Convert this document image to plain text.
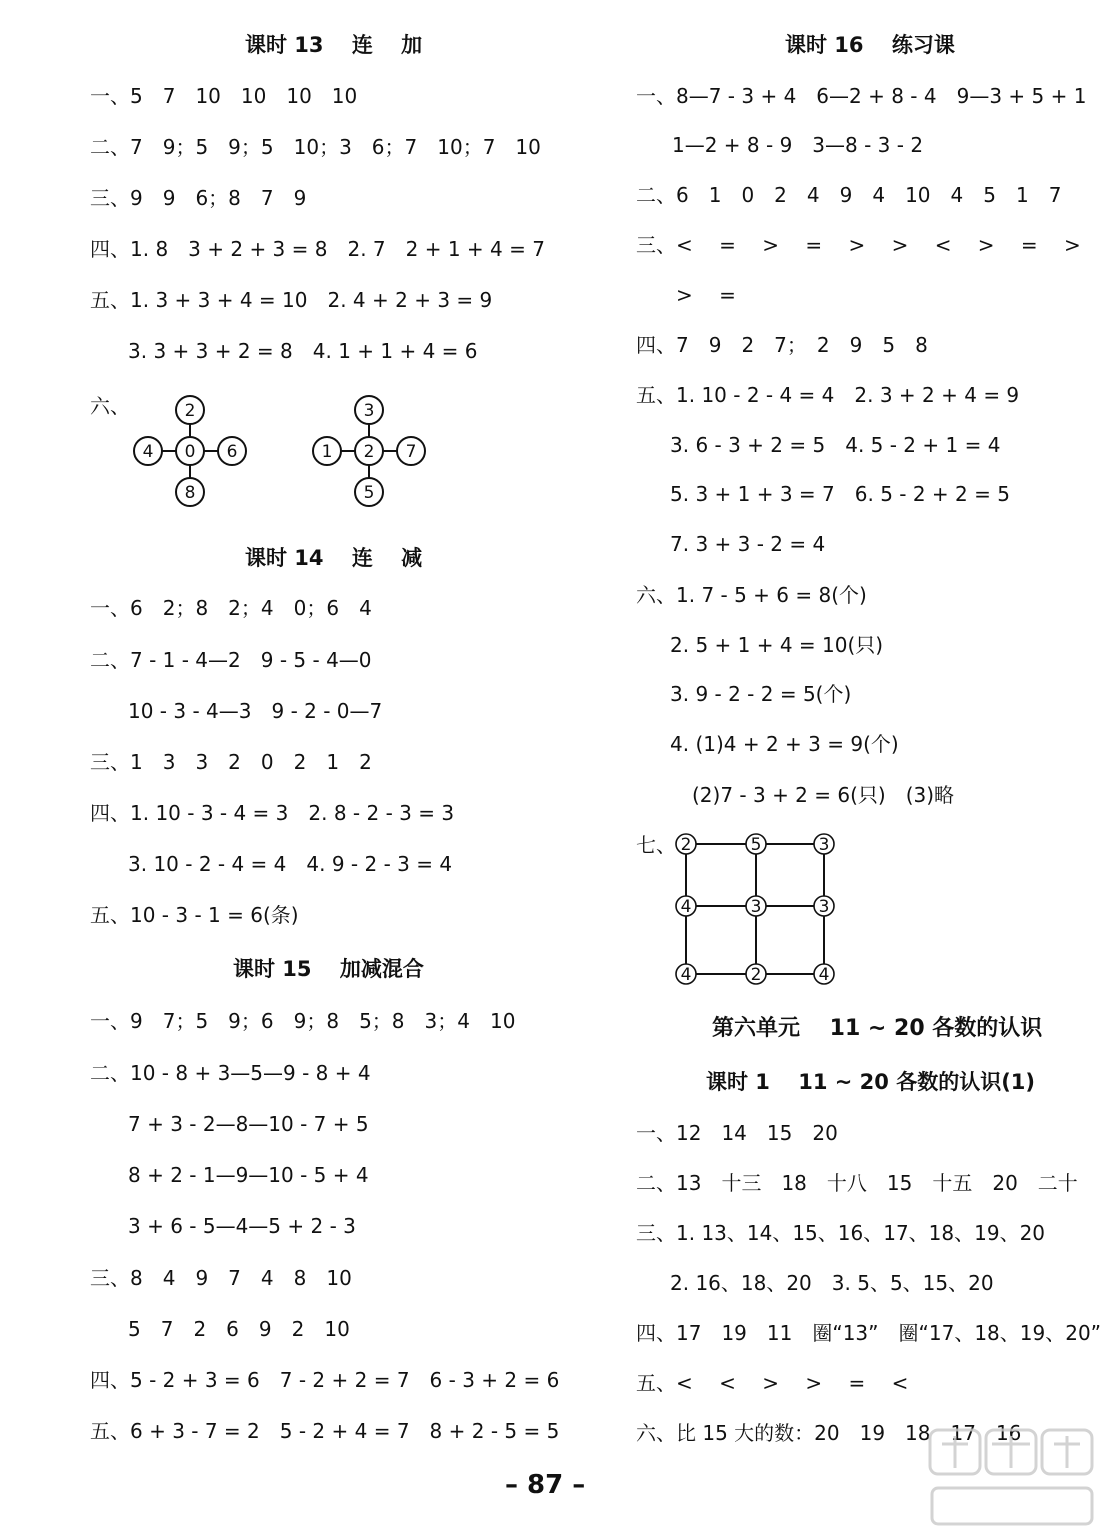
课时 13　 连　 加
一、5　7　10　10　10　10
二、7　9；5　9；5　10；3　6；7　10；7　10
三、9　9　6；8　7　9
四、1. 8　3 + 2 + 3 = 8　2. 7　2 + 1 + 4 = 7
五、1. 3 + 3 + 4 = 10　2. 4 + 2 + 3 = 9
3. 3 + 3 + 2 = 8　4. 1 + 1 + 4 = 6
六、	2
4 0 6
8
3
1 2 7
5
课时 14　 连　 减
一、6　2；8　2；4　0；6　4
二、7 - 1 - 4—2　9 - 5 - 4—0
10 - 3 - 4—3　9 - 2 - 0—7
三、1　3　3　2　0　2　1　2
四、1. 10 - 3 - 4 = 3　2. 8 - 2 - 3 = 3
3. 10 - 2 - 4 = 4　4. 9 - 2 - 3 = 4
五、10 - 3 - 1 = 6(条)
课时 15　 加减混合
一、9　7；5　9；6　9；8　5；8　3；4　10
二、10 - 8 + 3—5—9 - 8 + 4
7 + 3 - 2—8—10 - 7 + 5
8 + 2 - 1—9—10 - 5 + 4
3 + 6 - 5—4—5 + 2 - 3
三、8　4　9　7　4　8　10
5　7　2　6　9　2　10
四、5 - 2 + 3 = 6　7 - 2 + 2 = 7　6 - 3 + 2 = 6
五、6 + 3 - 7 = 2　5 - 2 + 4 = 7　8 + 2 - 5 = 5
课时 16　 练习课
一、8—7 - 3 + 4　6—2 + 8 - 4　9—3 + 5 + 1
1—2 + 8 - 9　3—8 - 3 - 2
二、6　1　0　2　4　9　4　10　4　5　1　7
三、<　 =　 >　 =　 >　 >　 <　 >　 =　 >
>　 =
四、7　9　2　7；　2　9　5　8
五、1. 10 - 2 - 4 = 4　2. 3 + 2 + 4 = 9
3. 6 - 3 + 2 = 5　4. 5 - 2 + 1 = 4
5. 3 + 1 + 3 = 7　6. 5 - 2 + 2 = 5
7. 3 + 3 - 2 = 4
六、1. 7 - 5 + 6 = 8(个)
2. 5 + 1 + 4 = 10(只)
3. 9 - 2 - 2 = 5(个)
4. (1)4 + 2 + 3 = 9(个)
(2)7 - 3 + 2 = 6(只)　(3)略
七、 2	5	3
4	3	3
4	2	4
第六单元　 11 ~ 20 各数的认识
课时 1　 11 ~ 20 各数的认识(1)
一、12　14　15　20
二、13　十三　18　十八　15　十五　20　二十
三、1. 13、14、15、16、17、18、19、20
2. 16、18、20　3. 5、5、15、20
四、17　19　11　圈“13”　圈“17、18、19、20”
五、<　 <　 >　 >　 =　 <
六、比 15 大的数：20　19　18　17　16
– 87 –
